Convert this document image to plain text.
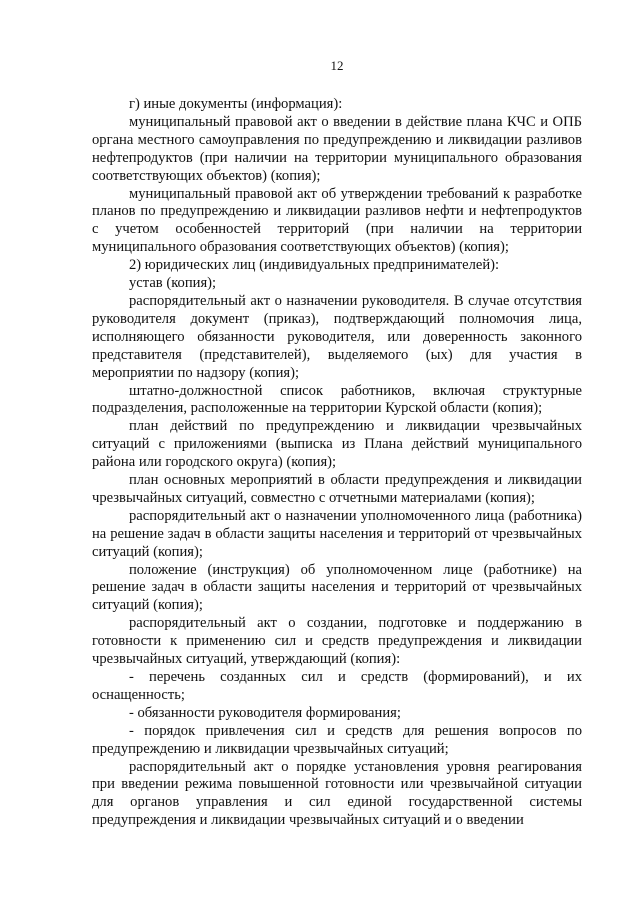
12

г) иные документы (информация):

муниципальный правовой акт о введении в действие плана КЧС и ОПБ органа местного самоуправления по предупреждению и ликвидации разливов нефтепродуктов (при наличии на территории муниципального образования соответствующих объектов) (копия);

муниципальный правовой акт об утверждении требований к разработке планов по предупреждению и ликвидации разливов нефти и нефтепродуктов с учетом особенностей территорий (при наличии на территории муниципального образования соответствующих объектов) (копия);

2) юридических лиц (индивидуальных предпринимателей):

устав (копия);

распорядительный акт о назначении руководителя. В случае отсутствия руководителя документ (приказ), подтверждающий полномочия лица, исполняющего обязанности руководителя, или доверенность законного представителя (представителей), выделяемого (ых) для участия в мероприятии по надзору (копия);

штатно-должностной список работников, включая структурные подразделения, расположенные на территории Курской области (копия);

план действий по предупреждению и ликвидации чрезвычайных ситуаций с приложениями (выписка из Плана действий муниципального района или городского округа) (копия);

план основных мероприятий в области предупреждения и ликвидации чрезвычайных ситуаций, совместно с отчетными материалами (копия);

распорядительный акт о назначении уполномоченного лица (работника) на решение задач в области защиты населения и территорий от чрезвычайных ситуаций (копия);

положение (инструкция) об уполномоченном лице (работнике) на решение задач в области защиты населения и территорий от чрезвычайных ситуаций (копия);

распорядительный акт о создании, подготовке и поддержанию в готовности к применению сил и средств предупреждения и ликвидации чрезвычайных ситуаций, утверждающий (копия):

- перечень созданных сил и средств (формирований), и их оснащенность;

- обязанности руководителя формирования;

- порядок привлечения сил и средств для решения вопросов по предупреждению и ликвидации чрезвычайных ситуаций;

распорядительный акт о порядке установления уровня реагирования при введении режима повышенной готовности или чрезвычайной ситуации для органов управления и сил единой государственной системы предупреждения и ликвидации чрезвычайных ситуаций и о введении
